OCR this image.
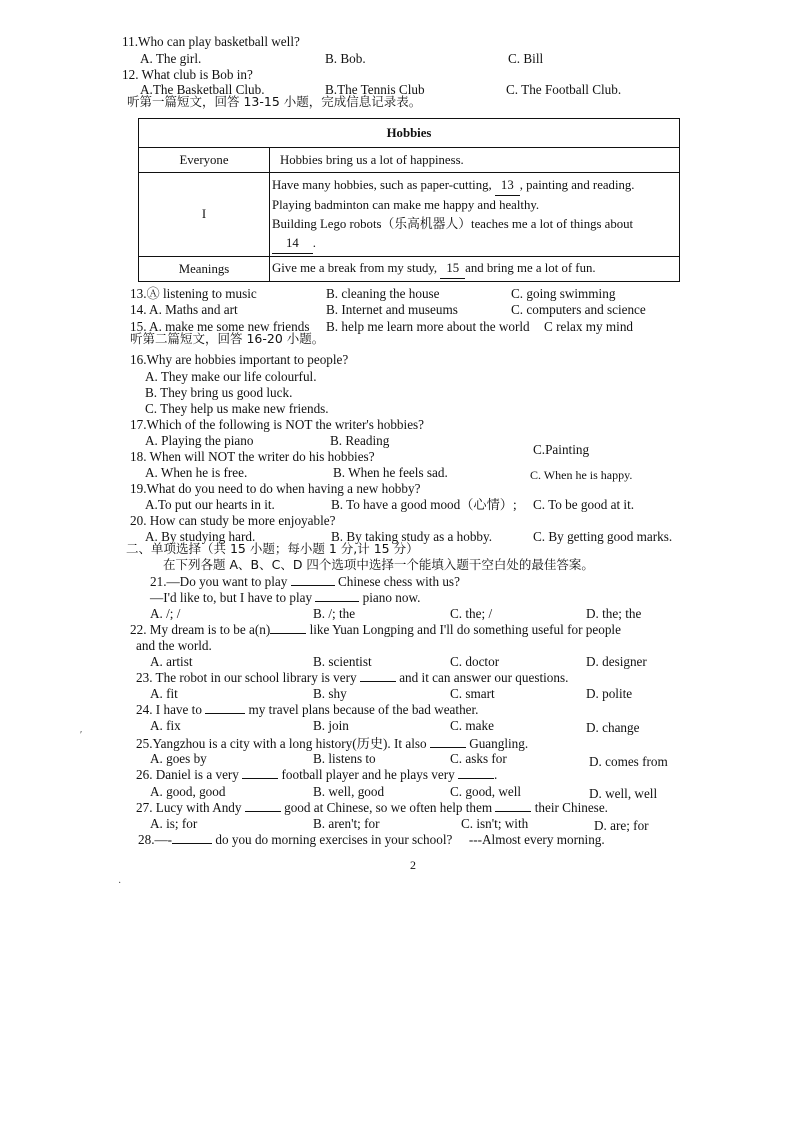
11.Who can play basketball well?
A. The girl.	B. Bob.	C. Bill
12. What club is Bob in?
A.The Basketball Club.	B.The Tennis Club	C. The Football Club.
听第一篇短文，回答 13-15 小题，完成信息记录表。
Hobbies	
Everyone	Hobbies bring us a lot of happiness.
I	Have many hobbies, such as paper-cutting, 13 , painting and reading.
Playing badminton can make me happy and healthy.
Building Lego robots（乐高机器人）teaches me a lot of things about
14 .

Meanings	Give me a break from my study, 15 and bring me a lot of fun.
13.Ⓐ listening to music	B. cleaning the house	C. going swimming
14. A. Maths and art	B. Internet and museums	C. computers and science
15. A. make me some new friends B. help me learn more about the world C relax my mind
听第二篇短文，回答 16-20 小题。
16.Why are hobbies important to people?
A. They make our life colourful.
B. They bring us good luck.
C. They help us make new friends.
17.Which of the following is NOT the writer's hobbies?
A. Playing the piano	B. Reading
C.Painting
18. When will NOT the writer do his hobbies?
A. When he is free.	B. When he feels sad.	C. When he is happy.
19.What do you need to do when having a new hobby?
A.To put our hearts in it.	B. To have a good mood（心情）; C. To be good at it.
20. How can study be more enjoyable?
A. By studying hard.	B. By taking study as a hobby.	C. By getting good marks.
二、单项选择（共 15 小题；每小题 1 分,计 15 分）
在下列各题 A、B、C、D 四个选项中选择一个能填入题干空白处的最佳答案。
21.—Do you want to play	Chinese chess with us?
—I'd like to, but I have to play	piano now.
A. /; /	B. /; the	C. the; /	D. the; the
22. My dream is to be a(n)	like Yuan Longping and I'll do something useful for people
and the world.
A. artist	B. scientist	C. doctor	D. designer
23. The robot in our school library is very	and it can answer our questions.
A. fit	B. shy	C. smart	D. polite
24. I have to	my travel plans because of the bad weather.
A. fix	B. join	C. make	D. change
25.Yangzhou is a city with a long history(历史). It also	Guangling.
A. goes by	B. listens to	C. asks for	D. comes from
26. Daniel is a very	football player and he plays very	.
A. good, good	B. well, good	C. good, well	D. well, well
27. Lucy with Andy	good at Chinese, so we often help them	their Chinese.
A. is; for	B. aren't; for	C. isn't; with	D. are; for
28.—-	do you do morning exercises in your school? ---Almost every morning.
2
′
·
